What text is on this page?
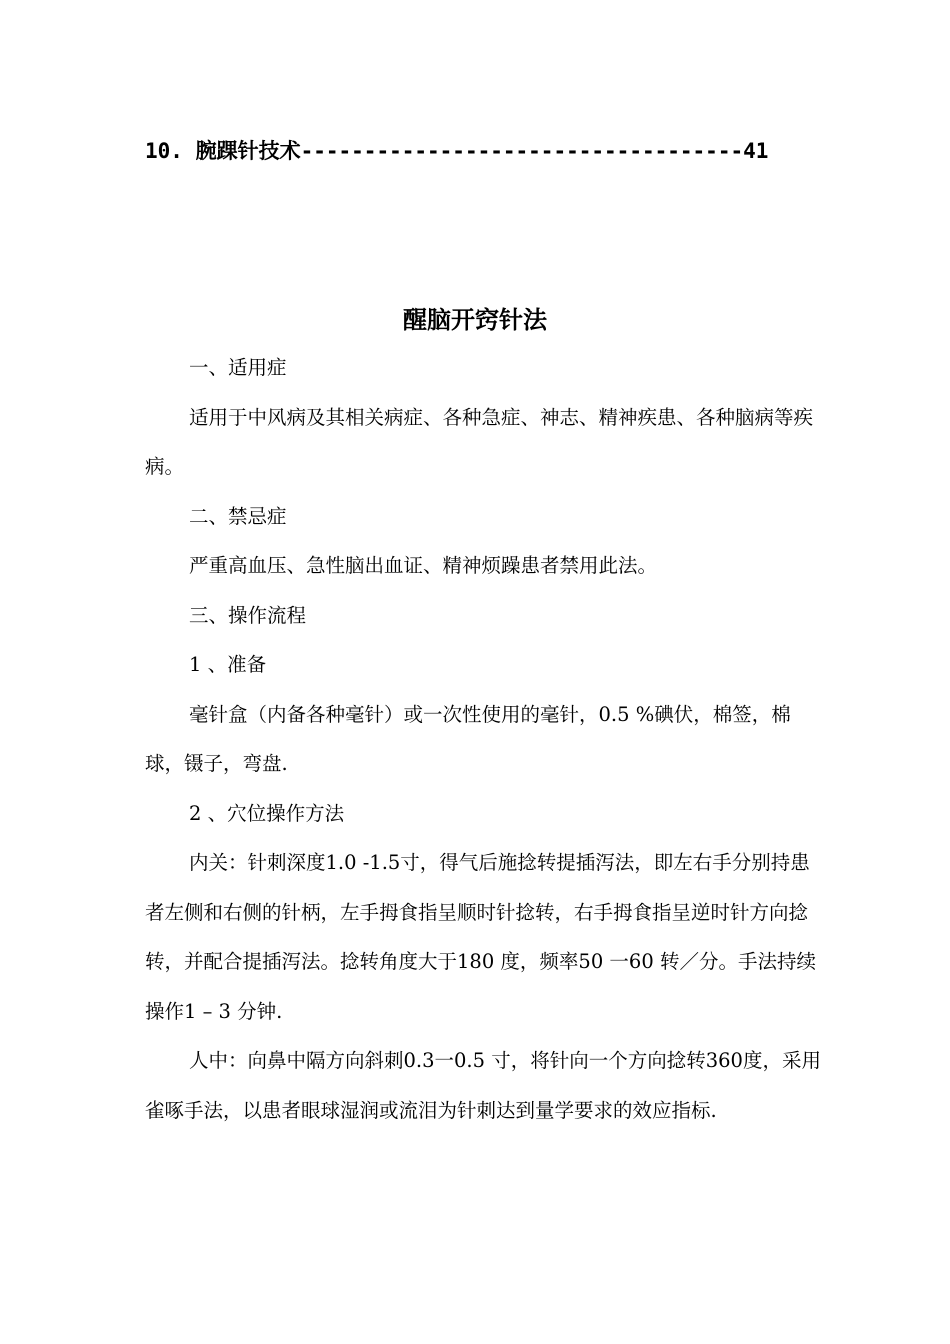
10. 腕踝针技术-----------------------------------41
醒脑开窍针法

一、适用症

适用于中风病及其相关病症、各种急症、神志、精神疾患、各种脑病等疾病。

二、禁忌症

严重高血压、急性脑出血证、精神烦躁患者禁用此法。

三、操作流程

1 、准备

毫针盒（内备各种毫针）或一次性使用的毫针，0.5 %碘伏，棉签，棉球，镊子，弯盘.

2 、穴位操作方法

内关：针刺深度1.0 -1.5寸，得气后施捻转提插泻法，即左右手分别持患者左侧和右侧的针柄，左手拇食指呈顺时针捻转，右手拇食指呈逆时针方向捻转，并配合提插泻法。捻转角度大于180 度，频率50 一60 转／分。手法持续操作1 – 3 分钟.

人中：向鼻中隔方向斜刺0.3一0.5 寸，将针向一个方向捻转360度，采用雀啄手法，以患者眼球湿润或流泪为针刺达到量学要求的效应指标.
